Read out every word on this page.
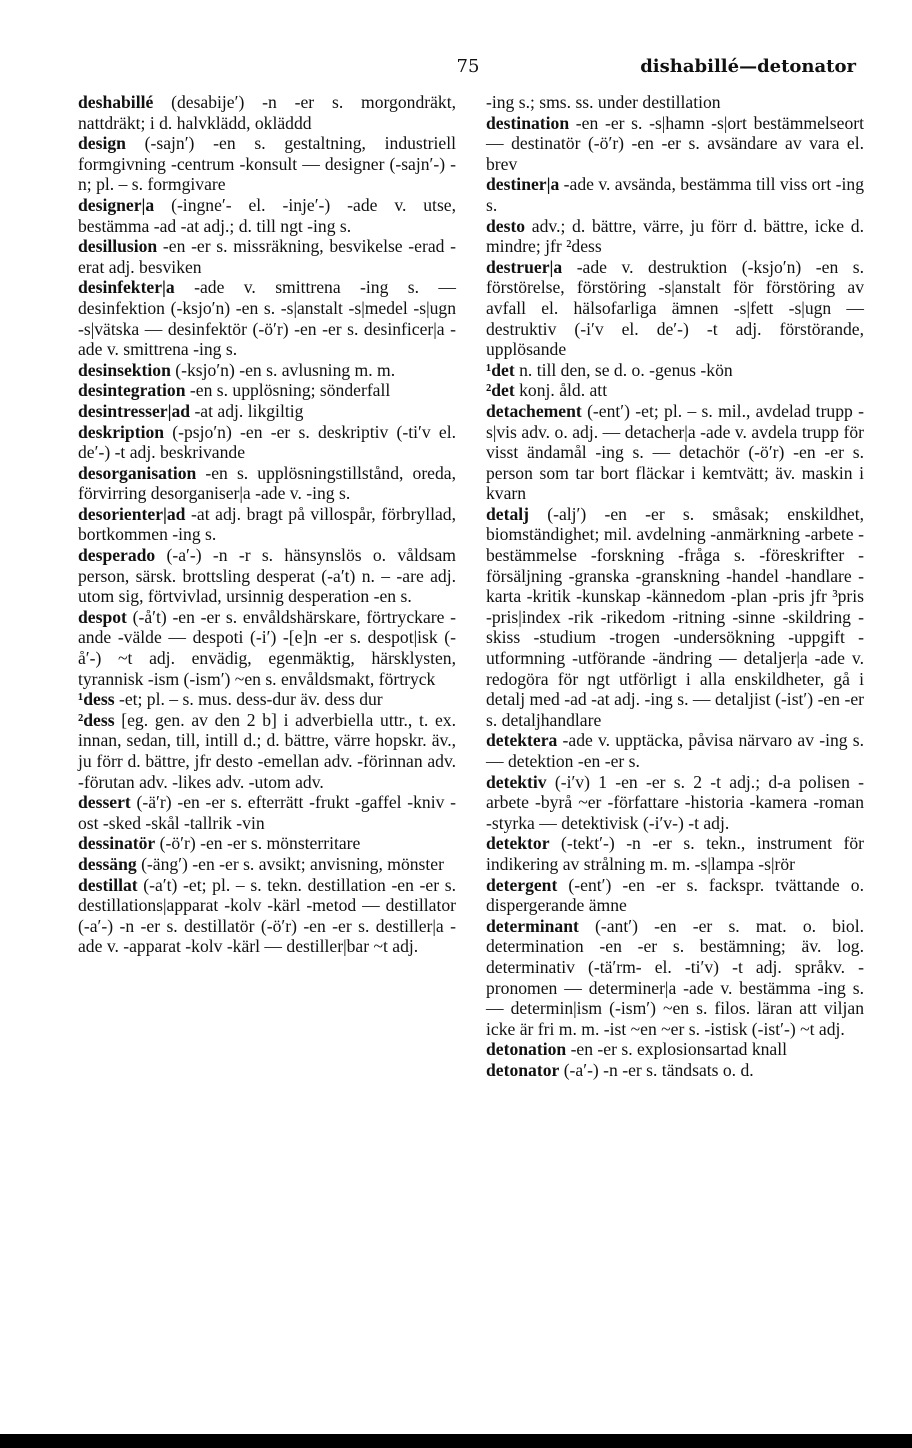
75	dishabillé—detonator

deshabillé (desabije′) -n -er s. morgondräkt, nattdräkt; i d. halvklädd, okläddd

design (-sajn′) -en s. gestaltning, industriell formgivning -centrum -konsult — designer (-sajn′-) -n; pl. – s. formgivare

designer|a (-ingne′- el. -inje′-) -ade v. utse, bestämma -ad -at adj.; d. till ngt -ing s.

desillusion -en -er s. missräkning, besvikelse -erad -erat adj. besviken

desinfekter|a -ade v. smittrena -ing s. — desinfektion (-ksjo′n) -en s. -s|anstalt -s|medel -s|ugn -s|vätska — desinfektör (-ö′r) -en -er s. desinficer|a -ade v. smittrena -ing s.

desinsektion (-ksjo′n) -en s. avlusning m. m.

desintegration -en s. upplösning; sönderfall

desintresser|ad -at adj. likgiltig

deskription (-psjo′n) -en -er s. deskriptiv (-ti′v el. de′-) -t adj. beskrivande

desorganisation -en s. upplösningstillstånd, oreda, förvirring desorganiser|a -ade v. -ing s.

desorienter|ad -at adj. bragt på villospår, förbryllad, bortkommen -ing s.

desperado (-a′-) -n -r s. hänsynslös o. våldsam person, särsk. brottsling desperat (-a′t) n. – -are adj. utom sig, förtvivlad, ursinnig desperation -en s.

despot (-å′t) -en -er s. envåldshärskare, förtryckare -ande -välde — despoti (-i′) -[e]n -er s. despot|isk (-å′-) ~t adj. envädig, egenmäktig, härsklysten, tyrannisk -ism (-ism′) ~en s. envåldsmakt, förtryck

¹dess -et; pl. – s. mus. dess-dur äv. dess dur

²dess [eg. gen. av den 2 b] i adverbiella uttr., t. ex. innan, sedan, till, intill d.; d. bättre, värre hopskr. äv., ju förr d. bättre, jfr desto -emellan adv. -förinnan adv. -förutan adv. -likes adv. -utom adv.

dessert (-ä′r) -en -er s. efterrätt -frukt -gaffel -kniv -ost -sked -skål -tallrik -vin

dessinatör (-ö′r) -en -er s. mönsterritare

dessäng (-äng′) -en -er s. avsikt; anvisning, mönster

destillat (-a′t) -et; pl. – s. tekn. destillation -en -er s. destillations|apparat -kolv -kärl -metod — destillator (-a′-) -n -er s. destillatör (-ö′r) -en -er s. destiller|a -ade v. -apparat -kolv -kärl — destiller|bar ~t adj.

-ing s.; sms. ss. under destillation

destination -en -er s. -s|hamn -s|ort bestämmelseort — destinatör (-ö′r) -en -er s. avsändare av vara el. brev

destiner|a -ade v. avsända, bestämma till viss ort -ing s.

desto adv.; d. bättre, värre, ju förr d. bättre, icke d. mindre; jfr ²dess

destruer|a -ade v. destruktion (-ksjo′n) -en s. förstörelse, förstöring -s|anstalt för förstöring av avfall el. hälsofarliga ämnen -s|fett -s|ugn — destruktiv (-i′v el. de′-) -t adj. förstörande, upplösande

¹det n. till den, se d. o. -genus -kön

²det konj. åld. att

detachement (-ent′) -et; pl. – s. mil., avdelad trupp -s|vis adv. o. adj. — detacher|a -ade v. avdela trupp för visst ändamål -ing s. — detachör (-ö′r) -en -er s. person som tar bort fläckar i kemtvätt; äv. maskin i kvarn

detalj (-alj′) -en -er s. småsak; enskildhet, biomständighet; mil. avdelning -anmärkning -arbete -bestämmelse -forskning -fråga s. -föreskrifter -försäljning -granska -granskning -handel -handlare -karta -kritik -kunskap -kännedom -plan -pris jfr ³pris -pris|index -rik -rikedom -ritning -sinne -skildring -skiss -studium -trogen -undersökning -uppgift -utformning -utförande -ändring — detaljer|a -ade v. redogöra för ngt utförligt i alla enskildheter, gå i detalj med -ad -at adj. -ing s. — detaljist (-ist′) -en -er s. detaljhandlare

detektera -ade v. upptäcka, påvisa närvaro av -ing s. — detektion -en -er s.

detektiv (-i′v) 1 -en -er s. 2 -t adj.; d-a polisen -arbete -byrå ~er -författare -historia -kamera -roman -styrka — detektivisk (-i′v-) -t adj.

detektor (-tekt′-) -n -er s. tekn., instrument för indikering av strålning m. m. -s|lampa -s|rör

detergent (-ent′) -en -er s. fackspr. tvättande o. dispergerande ämne

determinant (-ant′) -en -er s. mat. o. biol. determination -en -er s. bestämning; äv. log. determinativ (-tä′rm- el. -ti′v) -t adj. språkv. -pronomen — determiner|a -ade v. bestämma -ing s. — determin|ism (-ism′) ~en s. filos. läran att viljan icke är fri m. m. -ist ~en ~er s. -istisk (-ist′-) ~t adj.

detonation -en -er s. explosionsartad knall

detonator (-a′-) -n -er s. tändsats o. d.
